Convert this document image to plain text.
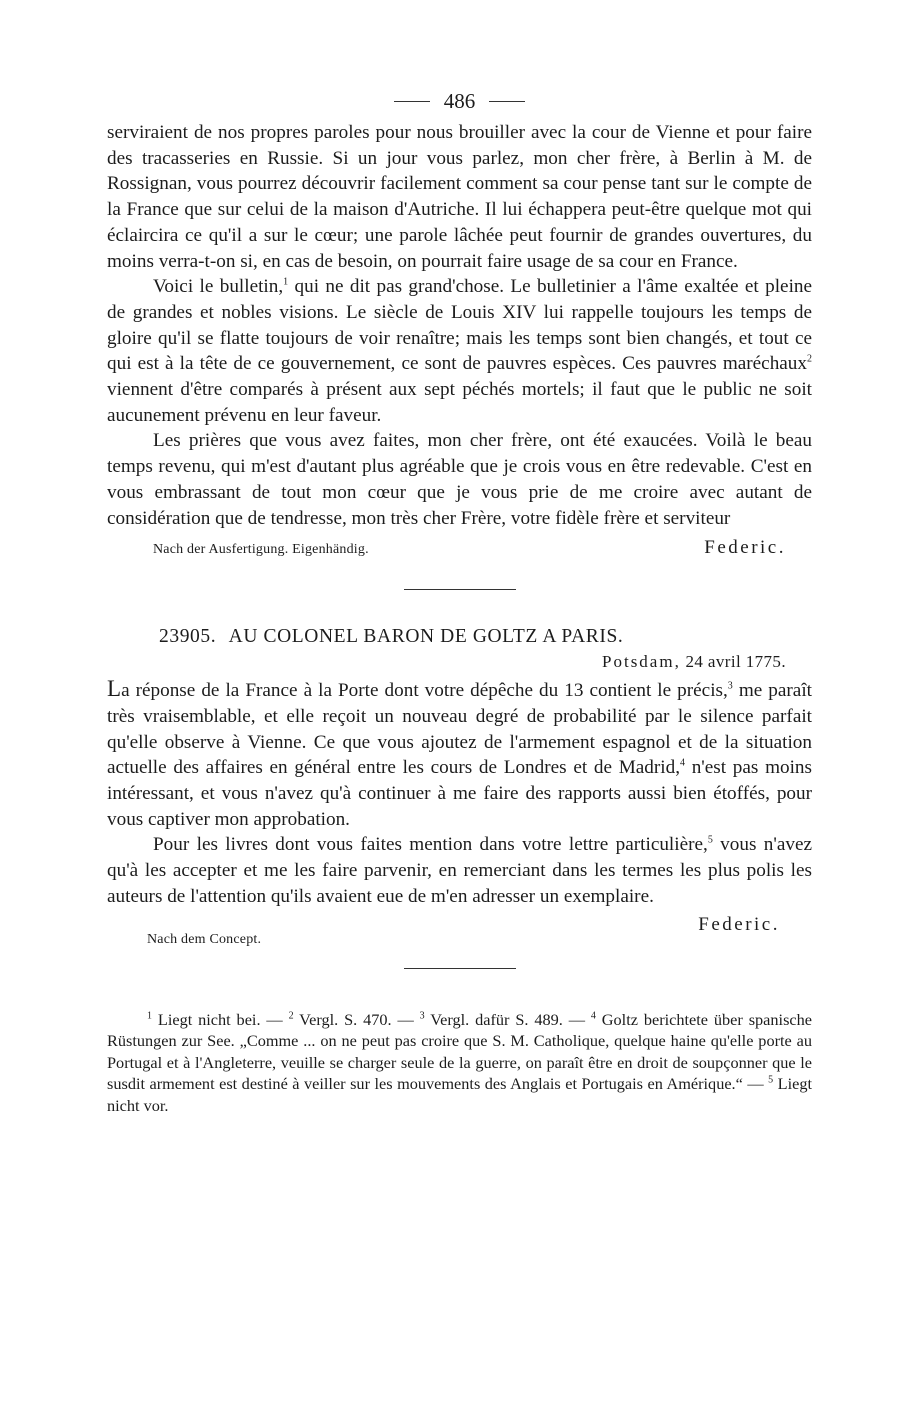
486

serviraient de nos propres paroles pour nous brouiller avec la cour de Vienne et pour faire des tracasseries en Russie. Si un jour vous parlez, mon cher frère, à Berlin à M. de Rossignan, vous pourrez découvrir facilement comment sa cour pense tant sur le compte de la France que sur celui de la maison d'Autriche. Il lui échappera peut-être quelque mot qui éclaircira ce qu'il a sur le cœur; une parole lâchée peut fournir de grandes ouvertures, du moins verra-t-on si, en cas de besoin, on pourrait faire usage de sa cour en France.

Voici le bulletin,$^1$ qui ne dit pas grand'chose. Le bulletinier a l'âme exaltée et pleine de grandes et nobles visions. Le siècle de Louis XIV lui rappelle toujours les temps de gloire qu'il se flatte toujours de voir renaître; mais les temps sont bien changés, et tout ce qui est à la tête de ce gouvernement, ce sont de pauvres espèces. Ces pauvres maréchaux$^2$ viennent d'être comparés à présent aux sept péchés mortels; il faut que le public ne soit aucunement prévenu en leur faveur.

Les prières que vous avez faites, mon cher frère, ont été exaucées. Voilà le beau temps revenu, qui m'est d'autant plus agréable que je crois vous en être redevable. C'est en vous embrassant de tout mon cœur que je vous prie de me croire avec autant de considération que de tendresse, mon très cher Frère, votre fidèle frère et serviteur

Nach der Ausfertigung. Eigenhändig.	Federic.
23905. AU COLONEL BARON DE GOLTZ A PARIS.
Potsdam, 24 avril 1775.

La réponse de la France à la Porte dont votre dépêche du 13 contient le précis,$^3$ me paraît très vraisemblable, et elle reçoit un nouveau degré de probabilité par le silence parfait qu'elle observe à Vienne. Ce que vous ajoutez de l'armement espagnol et de la situation actuelle des affaires en général entre les cours de Londres et de Madrid,$^4$ n'est pas moins intéressant, et vous n'avez qu'à continuer à me faire des rapports aussi bien étoffés, pour vous captiver mon approbation.

Pour les livres dont vous faites mention dans votre lettre particulière,$^5$ vous n'avez qu'à les accepter et me les faire parvenir, en remerciant dans les termes les plus polis les auteurs de l'attention qu'ils avaient eue de m'en adresser un exemplaire.

Nach dem Concept.
Federic.

$^1$ Liegt nicht bei. — $^2$ Vergl. S. 470. — $^3$ Vergl. dafür S. 489. — $^4$ Goltz berichtete über spanische Rüstungen zur See. „Comme ... on ne peut pas croire que S. M. Catholique, quelque haine qu'elle porte au Portugal et à l'Angleterre, veuille se charger seule de la guerre, on paraît être en droit de soupçonner que le susdit armement est destiné à veiller sur les mouvements des Anglais et Portugais en Amérique.“ — $^5$ Liegt nicht vor.
